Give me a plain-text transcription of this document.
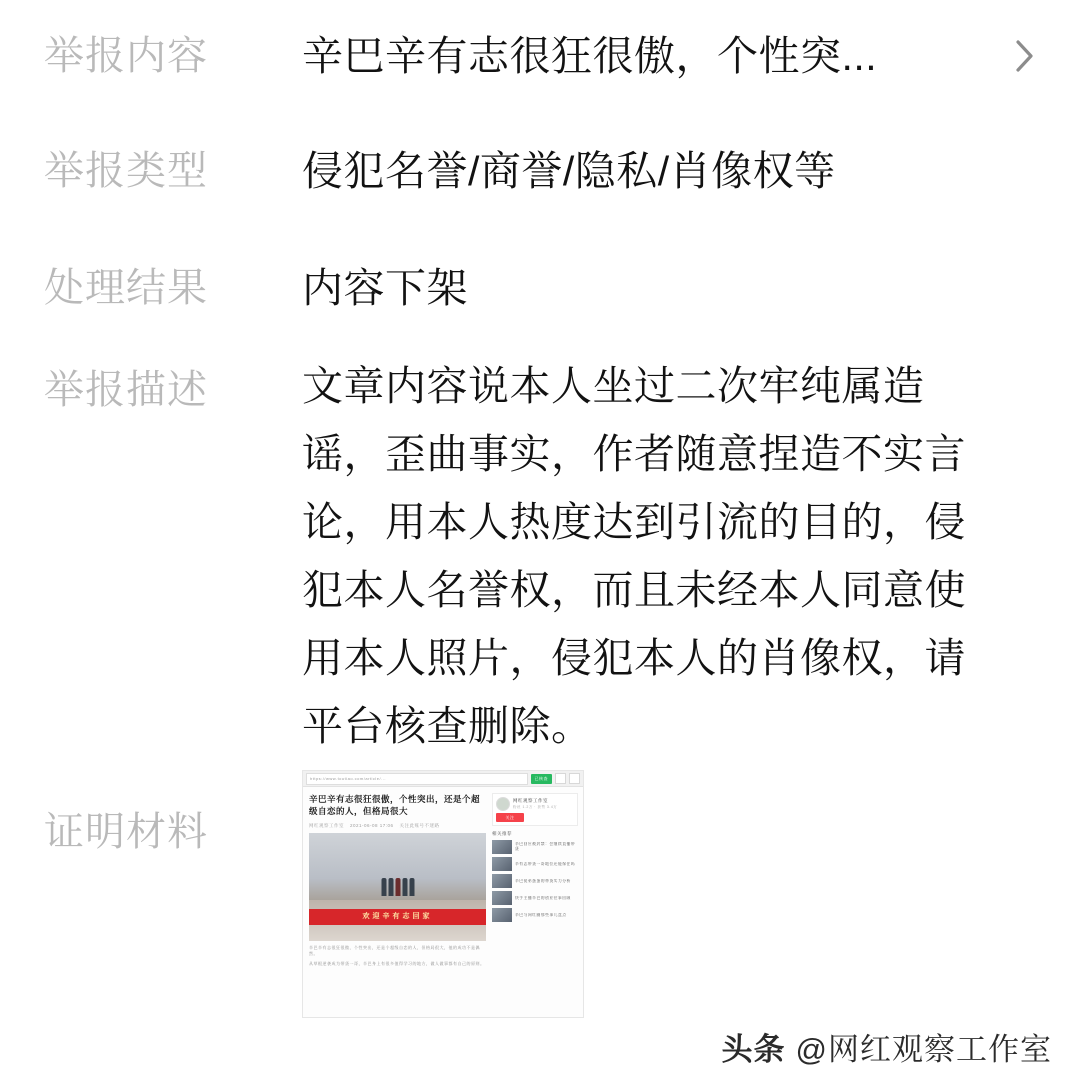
举报内容	辛巴辛有志很狂很傲，个性突...
举报类型	侵犯名誉/商誉/隐私/肖像权等
处理结果	内容下架
举报描述	文章内容说本人坐过二次牢纯属造谣，歪曲事实，作者随意捏造不实言论，用本人热度达到引流的目的，侵犯本人名誉权，而且未经本人同意使用本人照片，侵犯本人的肖像权，请平台核查删除。
证明材料
https://www.toutiao.com/article/...	已核查
辛巴辛有志很狂很傲，个性突出，还是个超级自恋的人，但格局很大
网红观察工作室 2021-06-08 17:06 关注此账号不迷路
欢迎辛有志回家
辛巴辛有志很狂很傲，个性突出，还是个超级自恋的人，但格局很大，他的成功不是偶然。
从草根逆袭成为带货一哥，辛巴身上有很多值得学习的地方，做人做事都有自己的原则。
网红观察工作室
粉丝 1.2万 · 获赞 3.4万
关注
相关推荐
辛巴回应被封禁：会继续直播带货
辛有志带货一哥地位还能保住吗
辛巴徒弟蛋蛋的带货实力分析
快手主播辛巴的创业往事回顾
辛巴与网红圈那些事儿盘点
头条 @网红观察工作室
